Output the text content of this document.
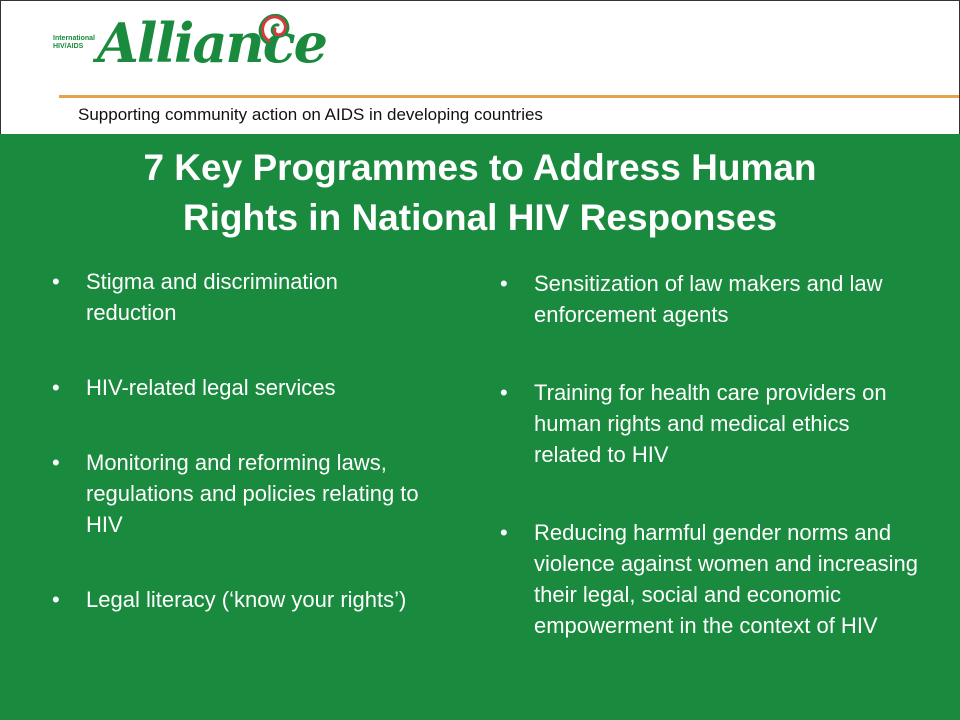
International
HIV/AIDS Alliance
Supporting community action on AIDS in developing countries
7 Key Programmes to Address Human
Rights in National HIV Responses
• Stigma and discrimination reduction
• HIV-related legal services
• Monitoring and reforming laws, regulations and policies relating to HIV
• Legal literacy (‘know your rights’)
• Sensitization of law makers and law enforcement agents
• Training for health care providers on human rights and medical ethics related to HIV
• Reducing harmful gender norms and violence against women and increasing their legal, social and economic empowerment in the context of HIV
